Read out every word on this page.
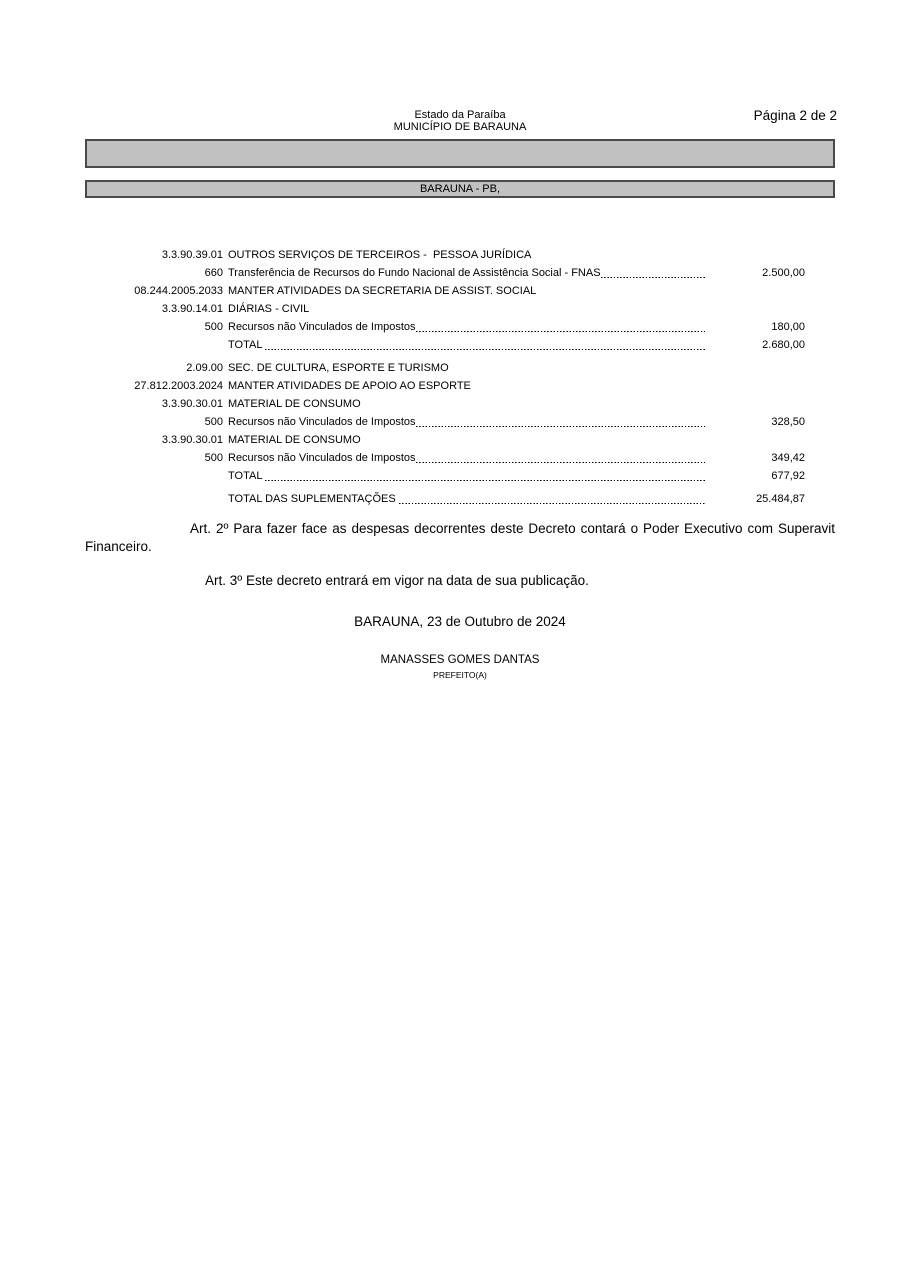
Estado da Paraíba
MUNICÍPIO DE BARAUNA
Página 2 de 2
BARAUNA - PB,
3.3.90.39.01 OUTROS SERVIÇOS DE TERCEIROS -  PESSOA JURÍDICA
660 Transferência de Recursos do Fundo Nacional de Assistência Social - FNAS	2.500,00
08.244.2005.2033 MANTER ATIVIDADES DA SECRETARIA DE ASSIST. SOCIAL
3.3.90.14.01 DIÁRIAS - CIVIL
500 Recursos não Vinculados de Impostos	180,00
TOTAL	2.680,00
2.09.00 SEC. DE CULTURA, ESPORTE E TURISMO
27.812.2003.2024 MANTER ATIVIDADES DE APOIO AO ESPORTE
3.3.90.30.01 MATERIAL DE CONSUMO
500 Recursos não Vinculados de Impostos	328,50
3.3.90.30.01 MATERIAL DE CONSUMO
500 Recursos não Vinculados de Impostos	349,42
TOTAL	677,92
TOTAL DAS SUPLEMENTAÇÕES	25.484,87

Art. 2º Para fazer face as despesas decorrentes deste Decreto contará o Poder Executivo com Superavit Financeiro.

Art. 3º Este decreto entrará em vigor na data de sua publicação.

BARAUNA, 23 de Outubro de 2024
MANASSES GOMES DANTAS
PREFEITO(A)
